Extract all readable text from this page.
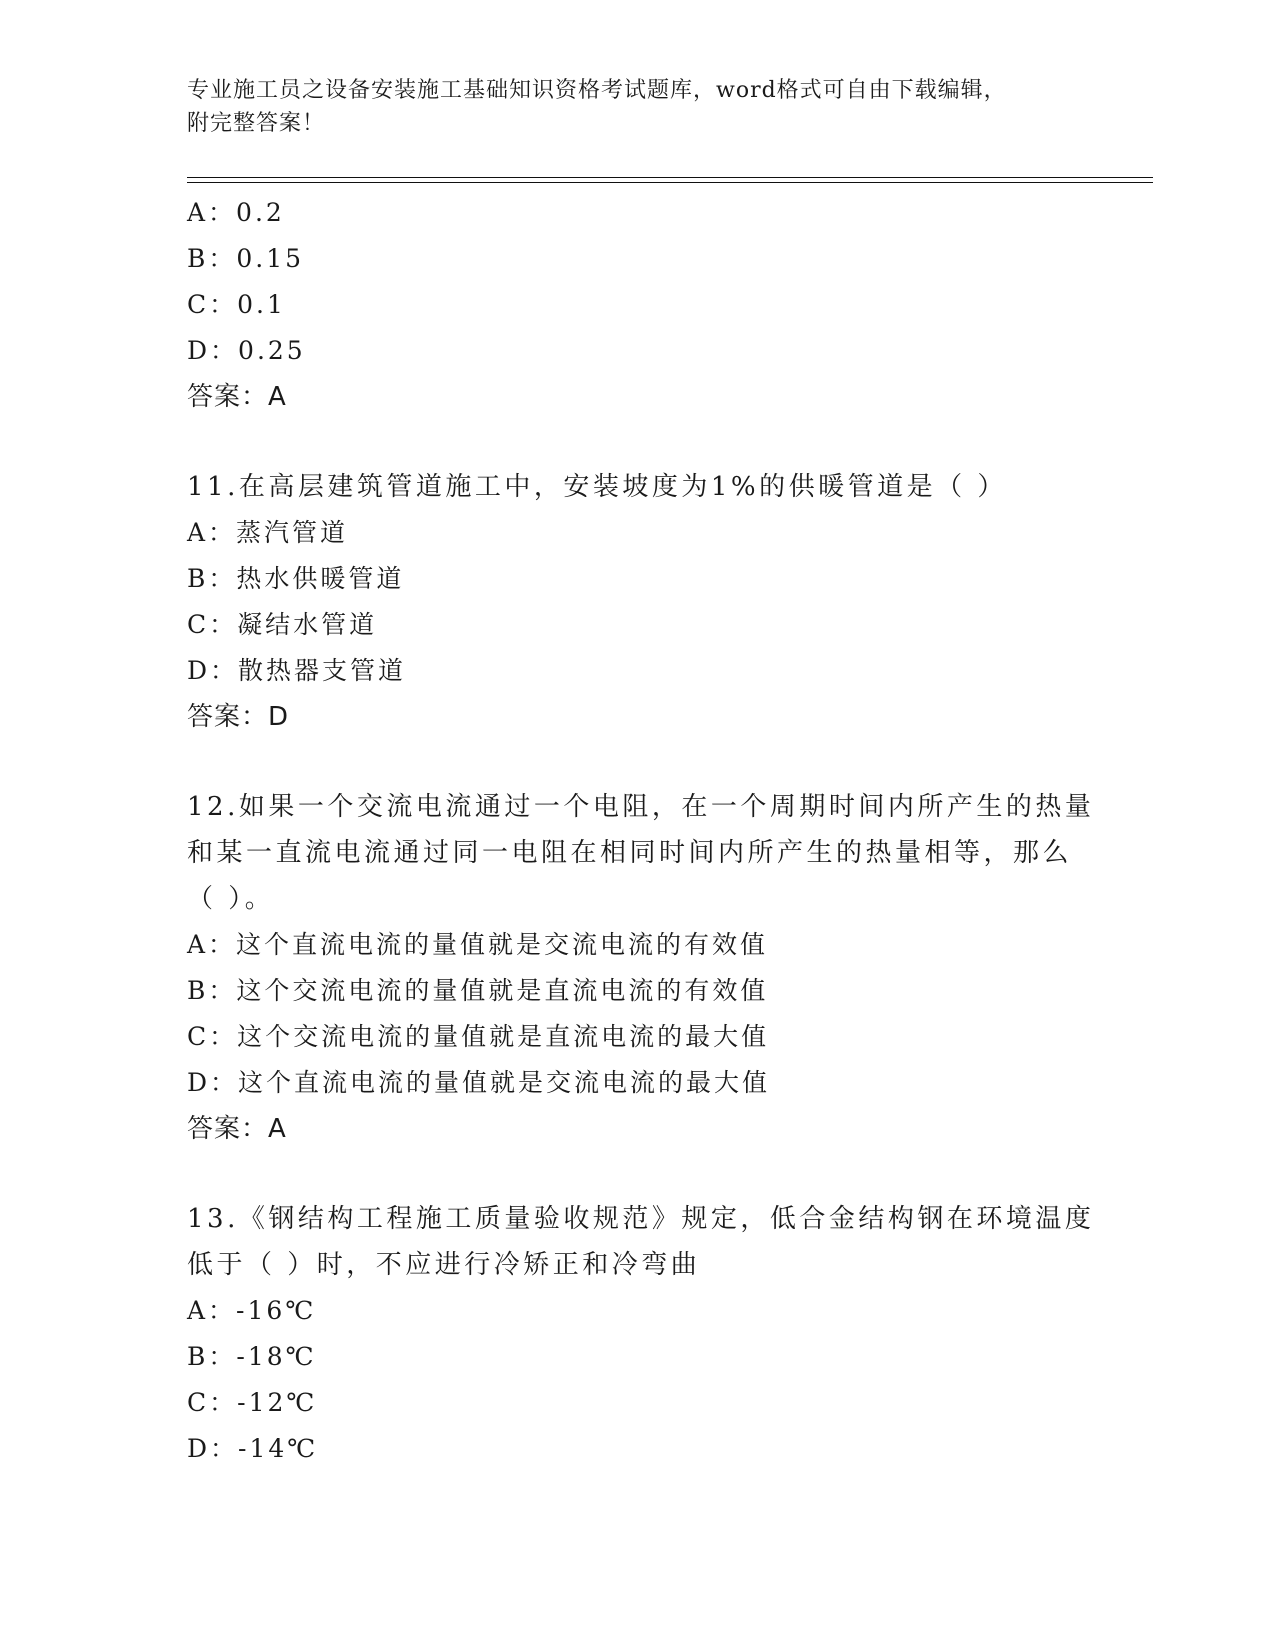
专业施工员之设备安装施工基础知识资格考试题库，word格式可自由下载编辑，
附完整答案！
A：0.2
B：0.15
C：0.1
D：0.25
答案：A
11.在高层建筑管道施工中，安装坡度为1%的供暖管道是（ ）
A：蒸汽管道
B：热水供暖管道
C：凝结水管道
D：散热器支管道
答案：D
12.如果一个交流电流通过一个电阻，在一个周期时间内所产生的热量
和某一直流电流通过同一电阻在相同时间内所产生的热量相等，那么
（ ）。
A：这个直流电流的量值就是交流电流的有效值
B：这个交流电流的量值就是直流电流的有效值
C：这个交流电流的量值就是直流电流的最大值
D：这个直流电流的量值就是交流电流的最大值
答案：A
13.《钢结构工程施工质量验收规范》规定，低合金结构钢在环境温度
低于（ ）时，不应进行冷矫正和冷弯曲
A：-16℃
B：-18℃
C：-12℃
D：-14℃
